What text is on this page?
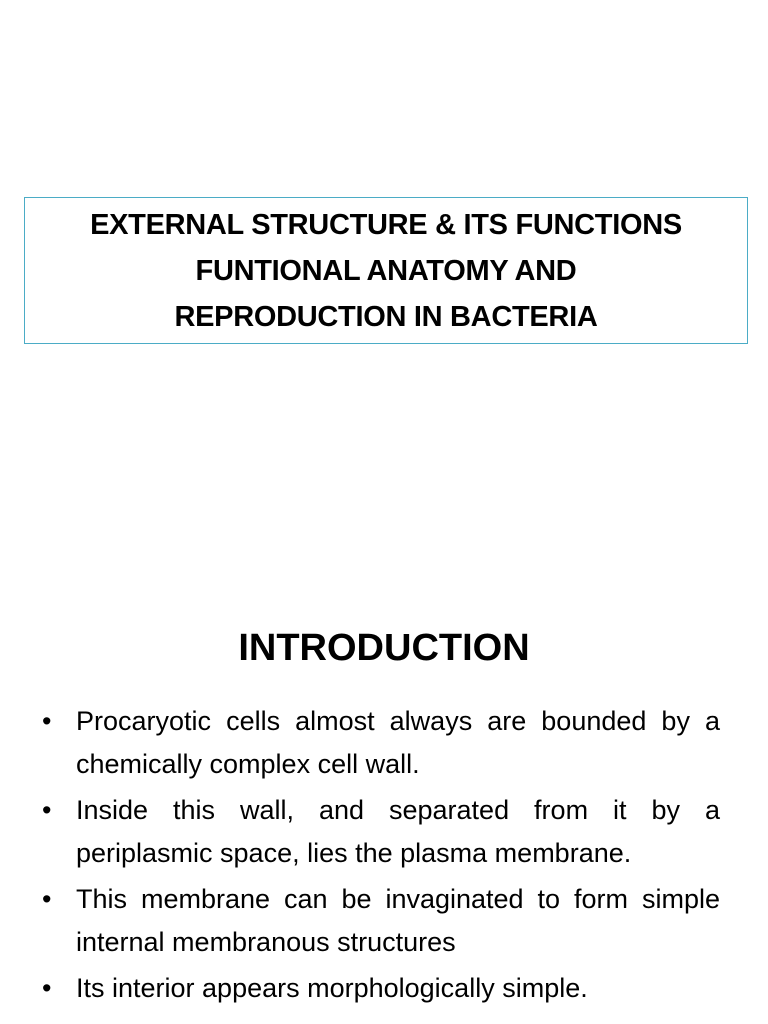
EXTERNAL STRUCTURE & ITS FUNCTIONS
FUNTIONAL ANATOMY AND
REPRODUCTION IN BACTERIA
INTRODUCTION
• Procaryotic cells almost always are bounded by a chemically complex cell wall.
• Inside this wall, and separated from it by a periplasmic space, lies the plasma membrane.
• This membrane can be invaginated to form simple internal membranous structures
• Its interior appears morphologically simple.
